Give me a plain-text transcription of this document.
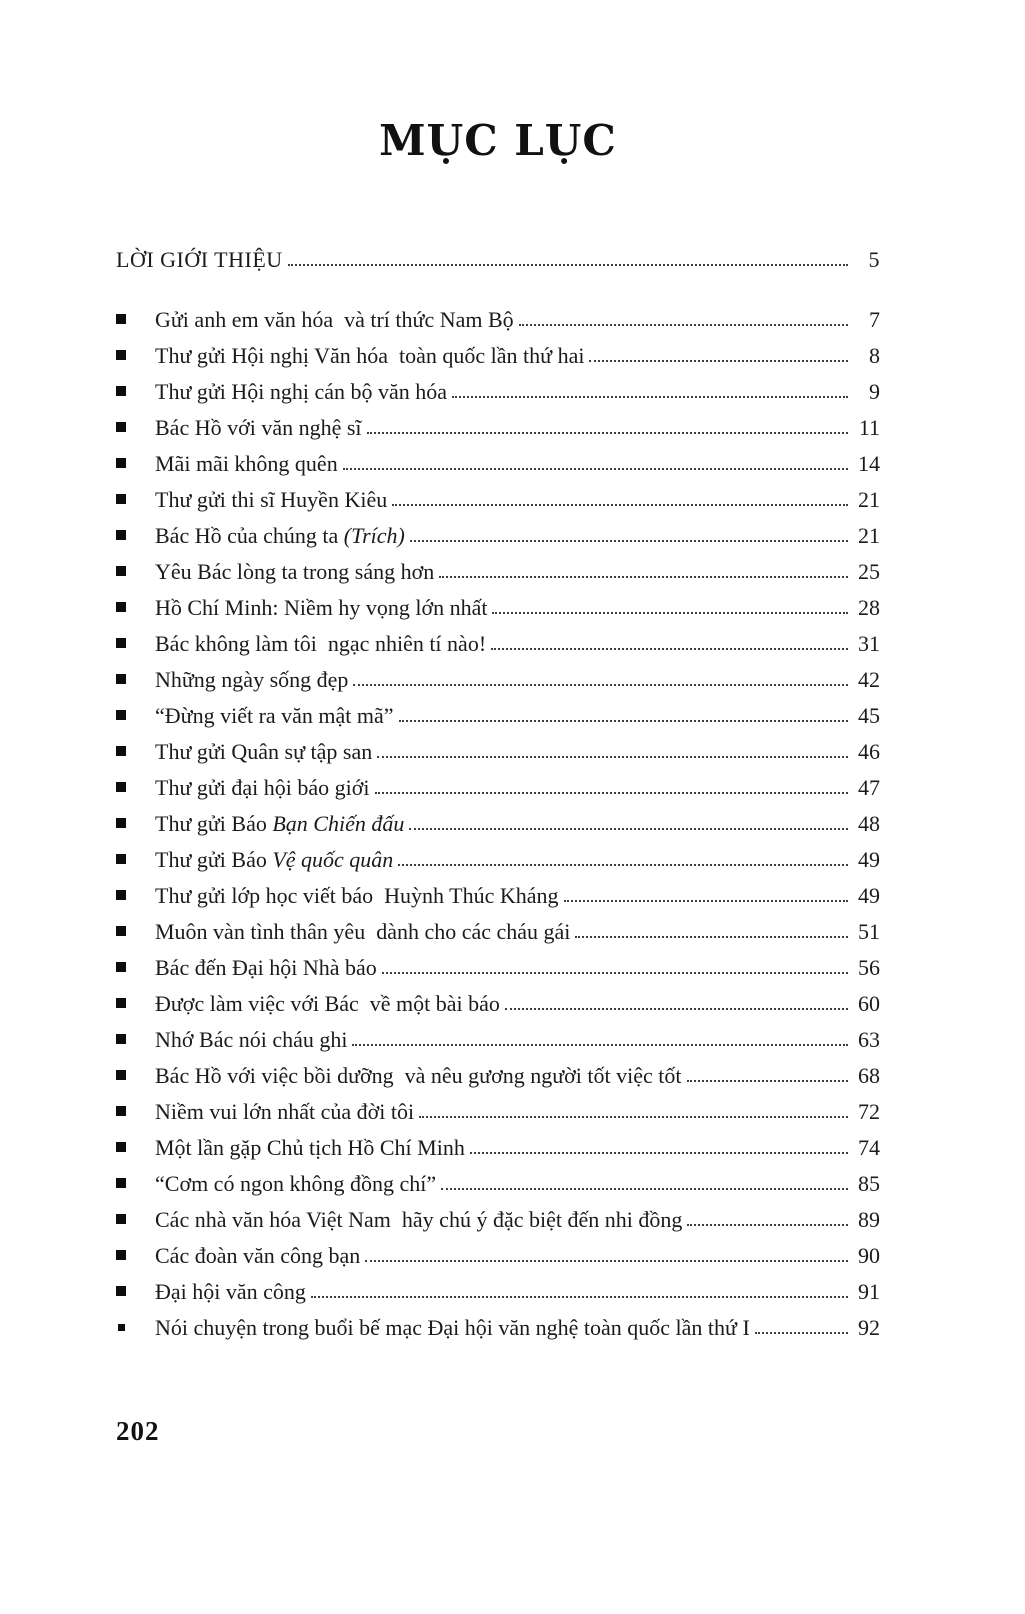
MỤC LỤC
LỜI GIỚI THIỆU	5
Gửi anh em văn hóa  và trí thức Nam Bộ	7
Thư gửi Hội nghị Văn hóa  toàn quốc lần thứ hai	8
Thư gửi Hội nghị cán bộ văn hóa	9
Bác Hồ với văn nghệ sĩ	11
Mãi mãi không quên	14
Thư gửi thi sĩ Huyền Kiêu	21
Bác Hồ của chúng ta (Trích)	21
Yêu Bác lòng ta trong sáng hơn	25
Hồ Chí Minh: Niềm hy vọng lớn nhất	28
Bác không làm tôi  ngạc nhiên tí nào!	31
Những ngày sống đẹp	42
“Đừng viết ra văn mật mã”	45
Thư gửi Quân sự tập san	46
Thư gửi đại hội báo giới	47
Thư gửi Báo Bạn Chiến đấu	48
Thư gửi Báo Vệ quốc quân	49
Thư gửi lớp học viết báo  Huỳnh Thúc Kháng	49
Muôn vàn tình thân yêu  dành cho các cháu gái	51
Bác đến Đại hội Nhà báo	56
Được làm việc với Bác  về một bài báo	60
Nhớ Bác nói cháu ghi	63
Bác Hồ với việc bồi dưỡng  và nêu gương người tốt việc tốt	68
Niềm vui lớn nhất của đời tôi	72
Một lần gặp Chủ tịch Hồ Chí Minh	74
“Cơm có ngon không đồng chí”	85
Các nhà văn hóa Việt Nam  hãy chú ý đặc biệt đến nhi đồng	89
Các đoàn văn công bạn	90
Đại hội văn công	91
Nói chuyện trong buổi bế mạc Đại hội văn nghệ toàn quốc lần thứ I	92
202
